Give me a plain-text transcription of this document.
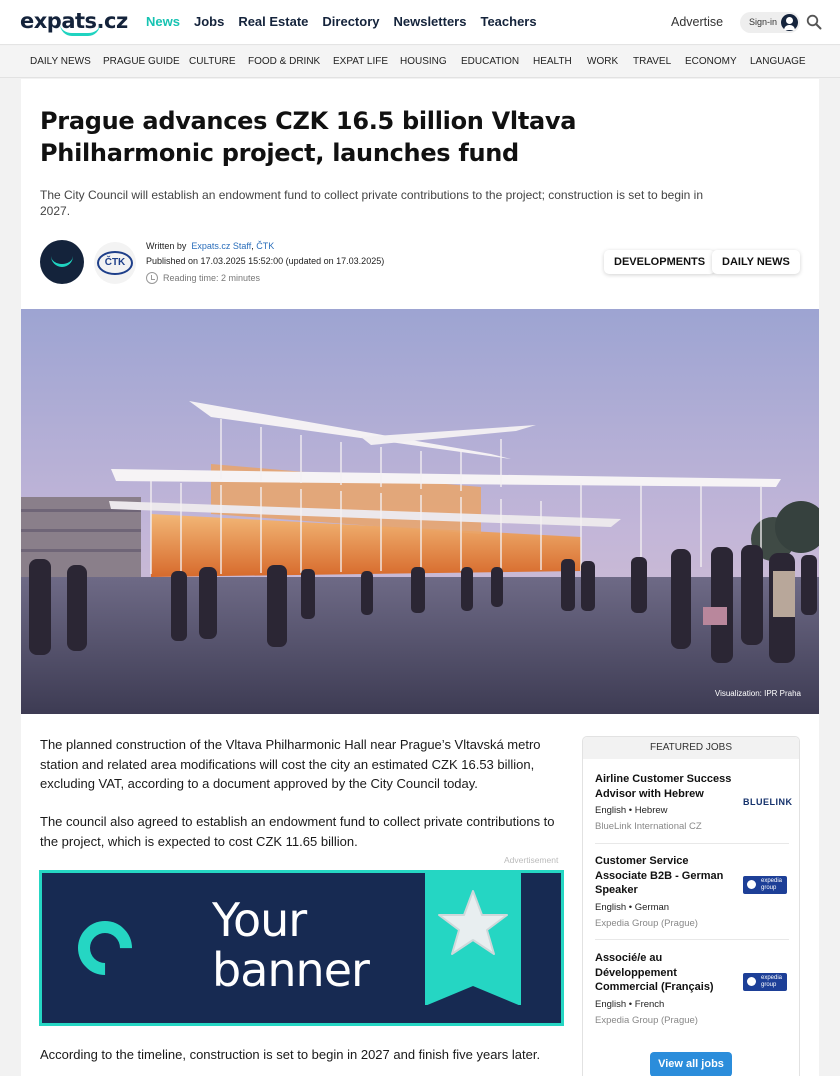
expats.cz News Jobs Real Estate Directory Newsletters Teachers	Advertise	Sign-in
DAILY NEWS PRAGUE GUIDE CULTURE FOOD & DRINK EXPAT LIFE HOUSING EDUCATION HEALTH WORK TRAVEL ECONOMY LANGUAGE
Prague advances CZK 16.5 billion Vltava Philharmonic project, launches fund

The City Council will establish an endowment fund to collect private contributions to the project; construction is set to begin in 2027.

ČTK
Written by Expats.cz Staff, ČTK
Published on 17.03.2025 15:52:00 (updated on 17.03.2025)
Reading time: 2 minutes
DEVELOPMENTS	DAILY NEWS
Visualization: IPR Praha

The planned construction of the Vltava Philharmonic Hall near Prague’s Vltavská metro station and related area modifications will cost the city an estimated CZK 16.53 billion, excluding VAT, according to a document approved by the City Council today.

The council also agreed to establish an endowment fund to collect private contributions to the project, which is expected to cost CZK 11.65 billion.

Advertisement
Your
banner

According to the timeline, construction is set to begin in 2027 and finish five years later.

FEATURED JOBS
Airline Customer Success Advisor with Hebrew
English • Hebrew
BlueLink International CZ
BLUELINK
Customer Service Associate B2B - German Speaker
English • German
Expedia Group (Prague)
expedia group
Associé/e au Développement Commercial (Français)
English • French
Expedia Group (Prague)
expedia group
View all jobs
